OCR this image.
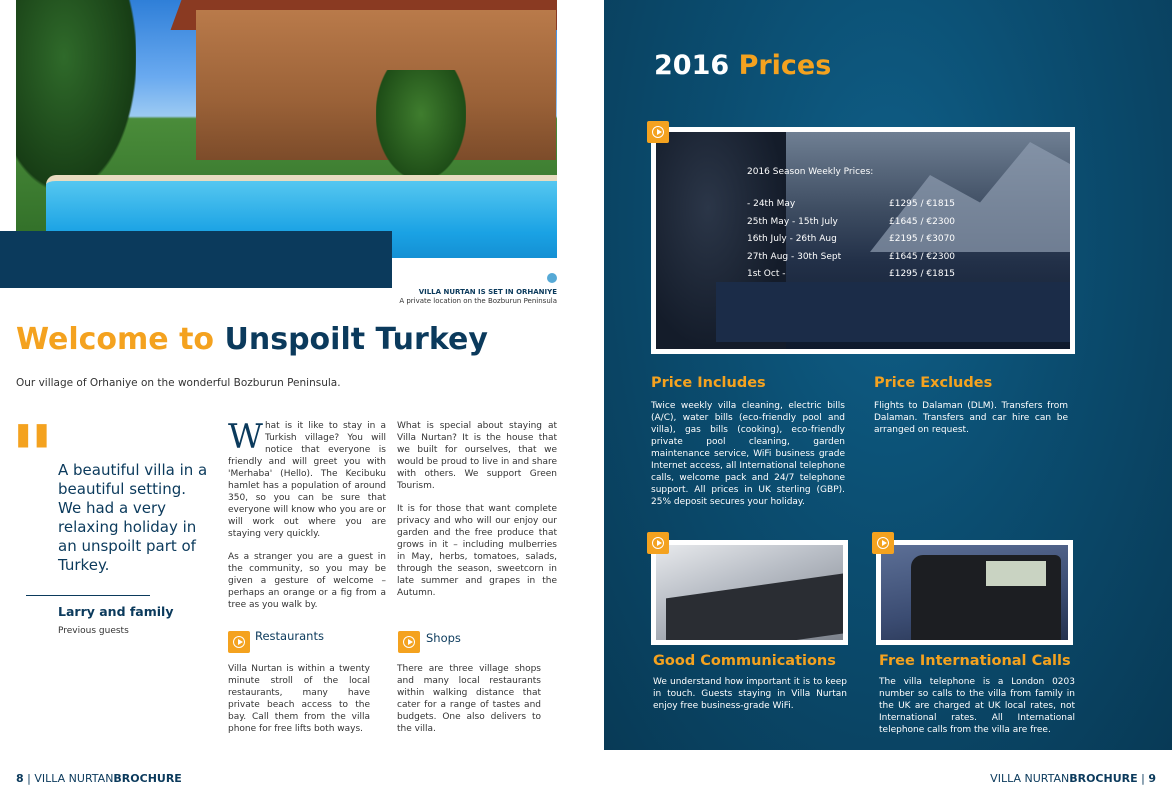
VILLA NURTAN IS SET IN ORHANIYE
A private location on the Bozburun Peninsula
Welcome to Unspoilt Turkey
Our village of Orhaniye on the wonderful Bozburun Peninsula.
" A beautiful villa in a beautiful setting. We had a very relaxing holiday in an unspoilt part of Turkey.
Larry and family
Previous guests

What is it like to stay in a Turkish village? You will notice that everyone is friendly and will greet you with 'Merhaba' (Hello). The Kecibuku hamlet has a population of around 350, so you can be sure that everyone will know who you are or will work out where you are staying very quickly.

As a stranger you are a guest in the community, so you may be given a gesture of welcome – perhaps an orange or a fig from a tree as you walk by.

What is special about staying at Villa Nurtan? It is the house that we built for ourselves, that we would be proud to live in and share with others. We support Green Tourism.

It is for those that want complete privacy and who will our enjoy our garden and the free produce that grows in it – including mulberries in May, herbs, tomatoes, salads, through the season, sweetcorn in late summer and grapes in the Autumn.

Restaurants
Villa Nurtan is within a twenty minute stroll of the local restaurants, many have private beach access to the bay. Call them from the villa phone for free lifts both ways.
Shops
There are three village shops and many local restaurants within walking distance that cater for a range of tastes and budgets. One also delivers to the villa.
8 | VILLA NURTANBROCHURE
2016 Prices
2016 Season Weekly Prices:
- 24th May	£1295 / €1815
25th May - 15th July	£1645 / €2300
16th July - 26th Aug	£2195 / €3070
27th Aug - 30th Sept	£1645 / €2300
1st Oct -	£1295 / €1815
Price Includes
Twice weekly villa cleaning, electric bills (A/C), water bills (eco-friendly pool and villa), gas bills (cooking), eco-friendly private pool cleaning, garden maintenance service, WiFi business grade Internet access, all International telephone calls, welcome pack and 24/7 telephone support. All prices in UK sterling (GBP). 25% deposit secures your holiday.
Price Excludes
Flights to Dalaman (DLM). Transfers from Dalaman. Transfers and car hire can be arranged on request.
Good Communications
We understand how important it is to keep in touch. Guests staying in Villa Nurtan enjoy free business-grade WiFi.
Free International Calls
The villa telephone is a London 0203 number so calls to the villa from family in the UK are charged at UK local rates, not International rates. All International telephone calls from the villa are free.
VILLA NURTANBROCHURE | 9
